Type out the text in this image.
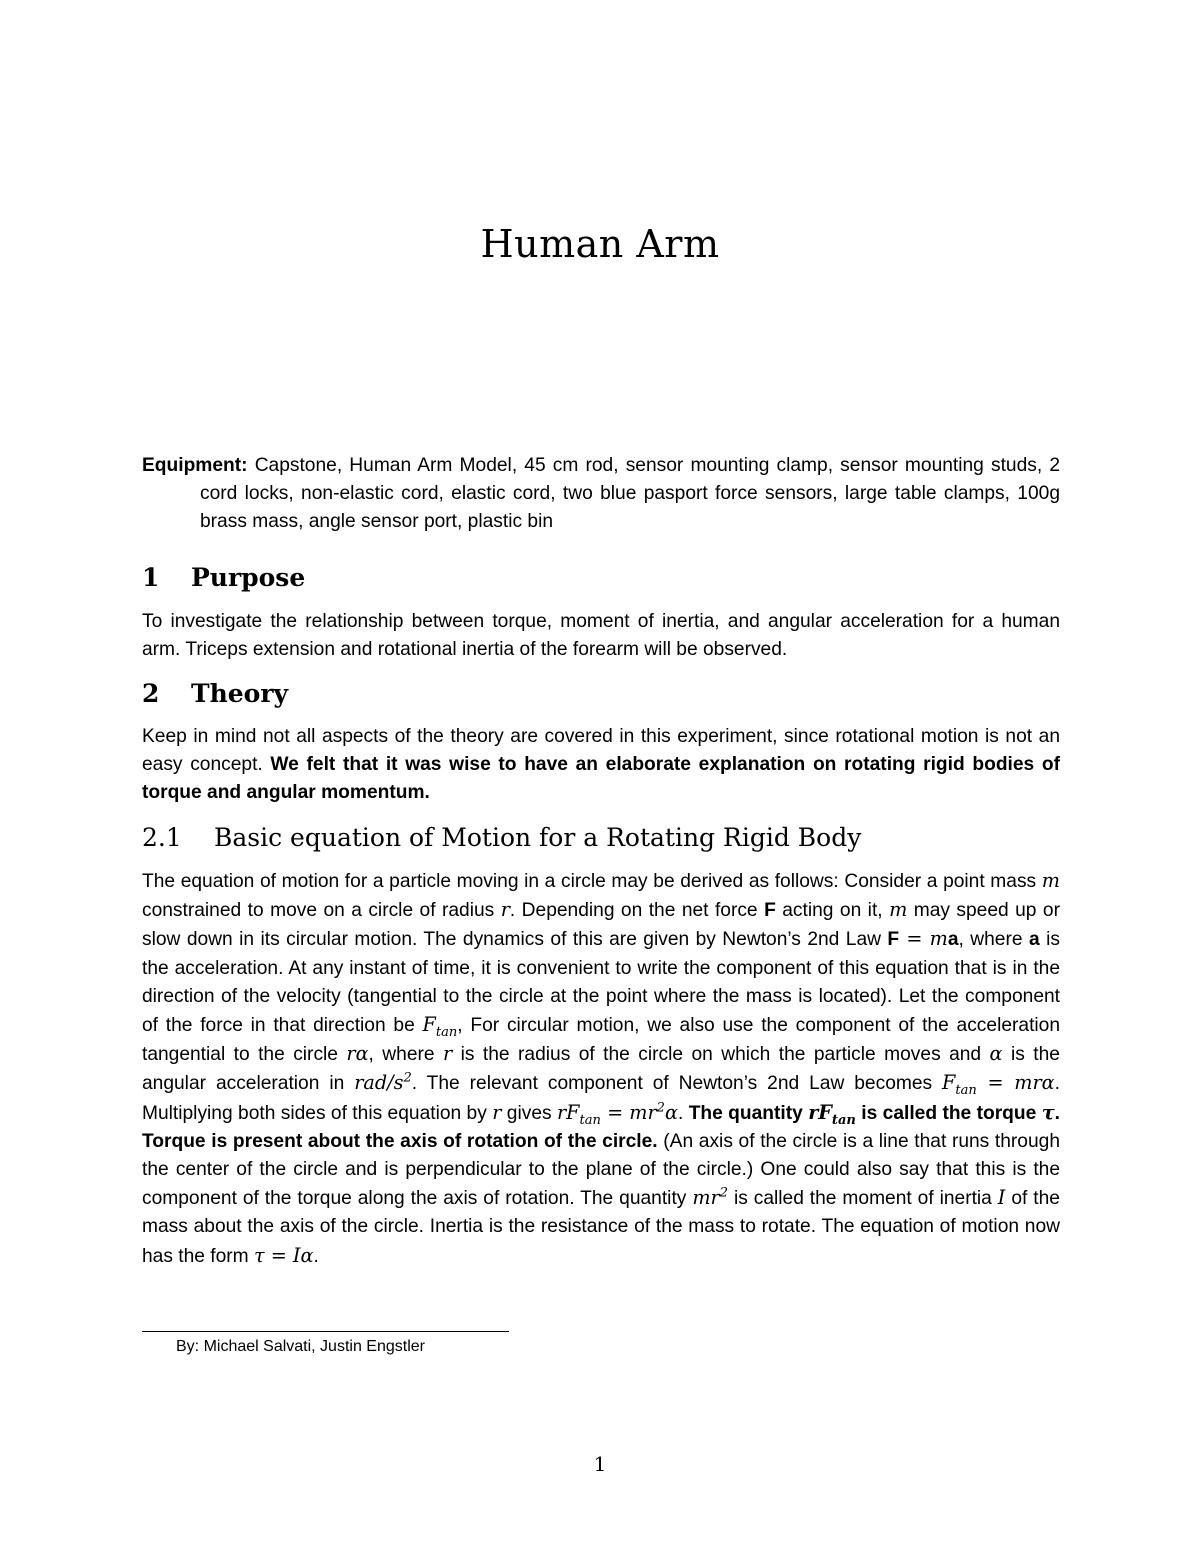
Human Arm
Equipment: Capstone, Human Arm Model, 45 cm rod, sensor mounting clamp, sensor mounting studs, 2 cord locks, non-elastic cord, elastic cord, two blue pasport force sensors, large table clamps, 100g brass mass, angle sensor port, plastic bin
1 Purpose
To investigate the relationship between torque, moment of inertia, and angular acceleration for a human arm. Triceps extension and rotational inertia of the forearm will be observed.
2 Theory
Keep in mind not all aspects of the theory are covered in this experiment, since rotational motion is not an easy concept. We felt that it was wise to have an elaborate explanation on rotating rigid bodies of torque and angular momentum.
2.1 Basic equation of Motion for a Rotating Rigid Body
The equation of motion for a particle moving in a circle may be derived as follows: Consider a point mass m constrained to move on a circle of radius r. Depending on the net force F acting on it, m may speed up or slow down in its circular motion. The dynamics of this are given by Newton’s 2nd Law F = ma, where a is the acceleration. At any instant of time, it is convenient to write the component of this equation that is in the direction of the velocity (tangential to the circle at the point where the mass is located). Let the component of the force in that direction be $F_{tan}$, For circular motion, we also use the component of the acceleration tangential to the circle rα, where r is the radius of the circle on which the particle moves and α is the angular acceleration in rad/$s^2$. The relevant component of Newton’s 2nd Law becomes $F_{tan} = mr\alpha$. Multiplying both sides of this equation by r gives $rF_{tan} = mr^2\alpha$. The quantity $rF_{tan}$ is called the torque τ. Torque is present about the axis of rotation of the circle. (An axis of the circle is a line that runs through the center of the circle and is perpendicular to the plane of the circle.) One could also say that this is the component of the torque along the axis of rotation. The quantity $mr^2$ is called the moment of inertia I of the mass about the axis of the circle. Inertia is the resistance of the mass to rotate. The equation of motion now has the form τ = Iα.
By: Michael Salvati, Justin Engstler
1
